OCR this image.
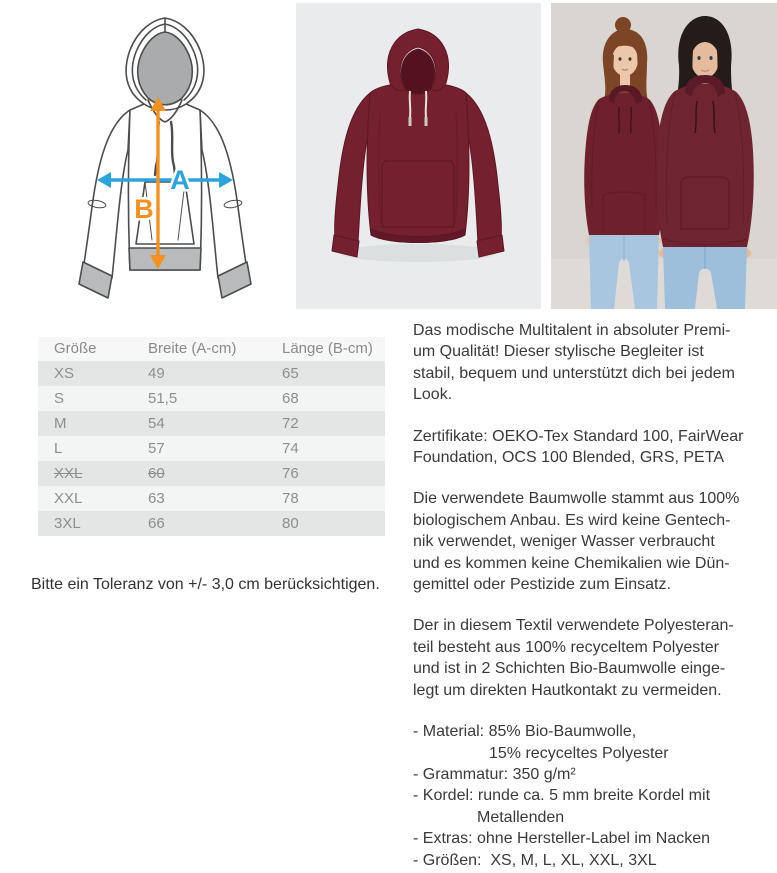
A
B
Größe	Breite (A-cm)	Länge (B-cm)
XS	49	65
S	51,5	68
M	54	72
L	57	74
XXL	60	76
XXL	63	78
3XL	66	80
Bitte ein Toleranz von +/- 3,0 cm berücksichtigen.
Das modische Multitalent in absoluter Premi-
um Qualität! Dieser stylische Begleiter ist
stabil, bequem und unterstützt dich bei jedem
Look.
Zertifikate: OEKO-Tex Standard 100, FairWear
Foundation, OCS 100 Blended, GRS, PETA
Die verwendete Baumwolle stammt aus 100%
biologischem Anbau. Es wird keine Gentech-
nik verwendet, weniger Wasser verbraucht
und es kommen keine Chemikalien wie Dün-
gemittel oder Pestizide zum Einsatz.
Der in diesem Textil verwendete Polyesteran-
teil besteht aus 100% recyceltem Polyester
und ist in 2 Schichten Bio-Baumwolle einge-
legt um direkten Hautkontakt zu vermeiden.
- Material: 85% Bio-Baumwolle,
15% recyceltes Polyester
- Grammatur: 350 g/m²
- Kordel: runde ca. 5 mm breite Kordel mit
Metallenden
- Extras: ohne Hersteller-Label im Nacken
- Größen:  XS, M, L, XL, XXL, 3XL
